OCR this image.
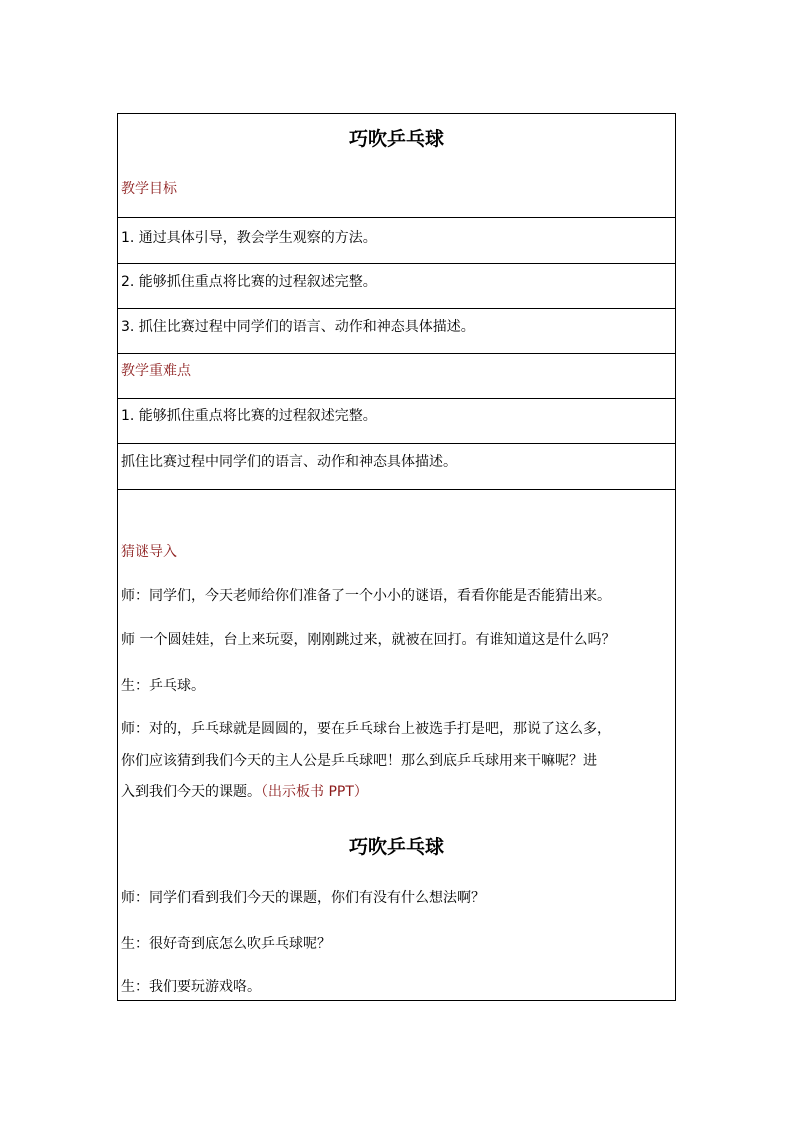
巧吹乒乓球
教学目标
1. 通过具体引导，教会学生观察的方法。
2. 能够抓住重点将比赛的过程叙述完整。
3. 抓住比赛过程中同学们的语言、动作和神态具体描述。
教学重难点
1. 能够抓住重点将比赛的过程叙述完整。
抓住比赛过程中同学们的语言、动作和神态具体描述。
猜谜导入
师：同学们，今天老师给你们准备了一个小小的谜语，看看你能是否能猜出来。
师 一个圆娃娃，台上来玩耍，刚刚跳过来，就被在回打。有谁知道这是什么吗？
生：乒乓球。
师：对的，乒乓球就是圆圆的，要在乒乓球台上被选手打是吧，那说了这么多，
你们应该猜到我们今天的主人公是乒乓球吧！那么到底乒乓球用来干嘛呢？进
入到我们今天的课题。（出示板书 PPT）
巧吹乒乓球
师：同学们看到我们今天的课题，你们有没有什么想法啊？
生：很好奇到底怎么吹乒乓球呢？
生：我们要玩游戏咯。
